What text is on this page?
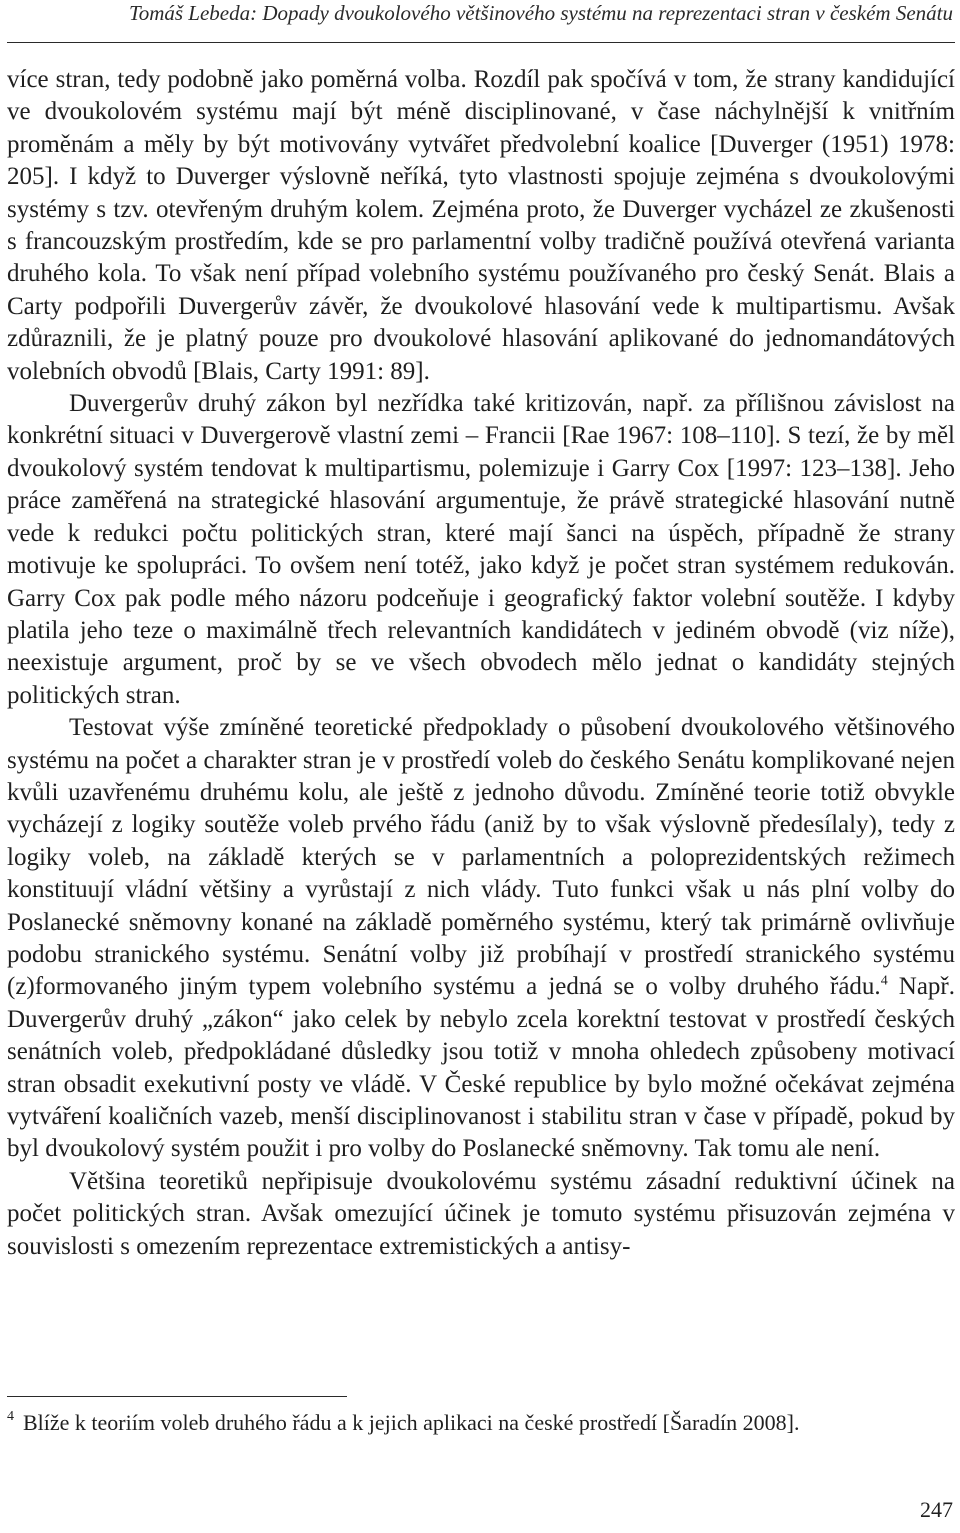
Tomáš Lebeda: Dopady dvoukolového většinového systému na reprezentaci stran v českém Senátu

více stran, tedy podobně jako poměrná volba. Rozdíl pak spočívá v tom, že strany kandidující ve dvoukolovém systému mají být méně disciplinované, v čase náchylnější k vnitřním proměnám a měly by být motivovány vytvářet předvolební koalice [Duverger (1951) 1978: 205]. I když to Duverger výslovně neříká, tyto vlastnosti spojuje zejména s dvoukolovými systémy s tzv. otevřeným druhým kolem. Zejména proto, že Duverger vycházel ze zkušenosti s francouzským prostředím, kde se pro parlamentní volby tradičně používá otevřená varianta druhého kola. To však není případ volebního systému používaného pro český Senát. Blais a Carty podpořili Duvergerův závěr, že dvoukolové hlasování vede k multipartismu. Avšak zdůraznili, že je platný pouze pro dvoukolové hlasování aplikované do jednomandátových volebních obvodů [Blais, Carty 1991: 89].

Duvergerův druhý zákon byl nezřídka také kritizován, např. za přílišnou závislost na konkrétní situaci v Duvergerově vlastní zemi – Francii [Rae 1967: 108–110]. S tezí, že by měl dvoukolový systém tendovat k multipartismu, polemizuje i Garry Cox [1997: 123–138]. Jeho práce zaměřená na strategické hlasování argumentuje, že právě strategické hlasování nutně vede k redukci počtu politických stran, které mají šanci na úspěch, případně že strany motivuje ke spolupráci. To ovšem není totéž, jako když je počet stran systémem redukován. Garry Cox pak podle mého názoru podceňuje i geografický faktor volební soutěže. I kdyby platila jeho teze o maximálně třech relevantních kandidátech v jediném obvodě (viz níže), neexistuje argument, proč by se ve všech obvodech mělo jednat o kandidáty stejných politických stran.

Testovat výše zmíněné teoretické předpoklady o působení dvoukolového většinového systému na počet a charakter stran je v prostředí voleb do českého Senátu komplikované nejen kvůli uzavřenému druhému kolu, ale ještě z jednoho důvodu. Zmíněné teorie totiž obvykle vycházejí z logiky soutěže voleb prvého řádu (aniž by to však výslovně předesílaly), tedy z logiky voleb, na základě kterých se v parlamentních a poloprezidentských režimech konstituují vládní většiny a vyrůstají z nich vlády. Tuto funkci však u nás plní volby do Poslanecké sněmovny konané na základě poměrného systému, který tak primárně ovlivňuje podobu stranického systému. Senátní volby již probíhají v prostředí stranického systému (z)formovaného jiným typem volebního systému a jedná se o volby druhého řádu.$^4$ Např. Duvergerův druhý „zákon“ jako celek by nebylo zcela korektní testovat v prostředí českých senátních voleb, předpokládané důsledky jsou totiž v mnoha ohledech způsobeny motivací stran obsadit exekutivní posty ve vládě. V České republice by bylo možné očekávat zejména vytváření koaličních vazeb, menší disciplinovanost i stabilitu stran v čase v případě, pokud by byl dvoukolový systém použit i pro volby do Poslanecké sněmovny. Tak tomu ale není.

Většina teoretiků nepřipisuje dvoukolovému systému zásadní reduktivní účinek na počet politických stran. Avšak omezující účinek je tomuto systému přisuzován zejména v souvislosti s omezením reprezentace extremistických a antisy-

4 Blíže k teoriím voleb druhého řádu a k jejich aplikaci na české prostředí [Šaradín 2008].
247
